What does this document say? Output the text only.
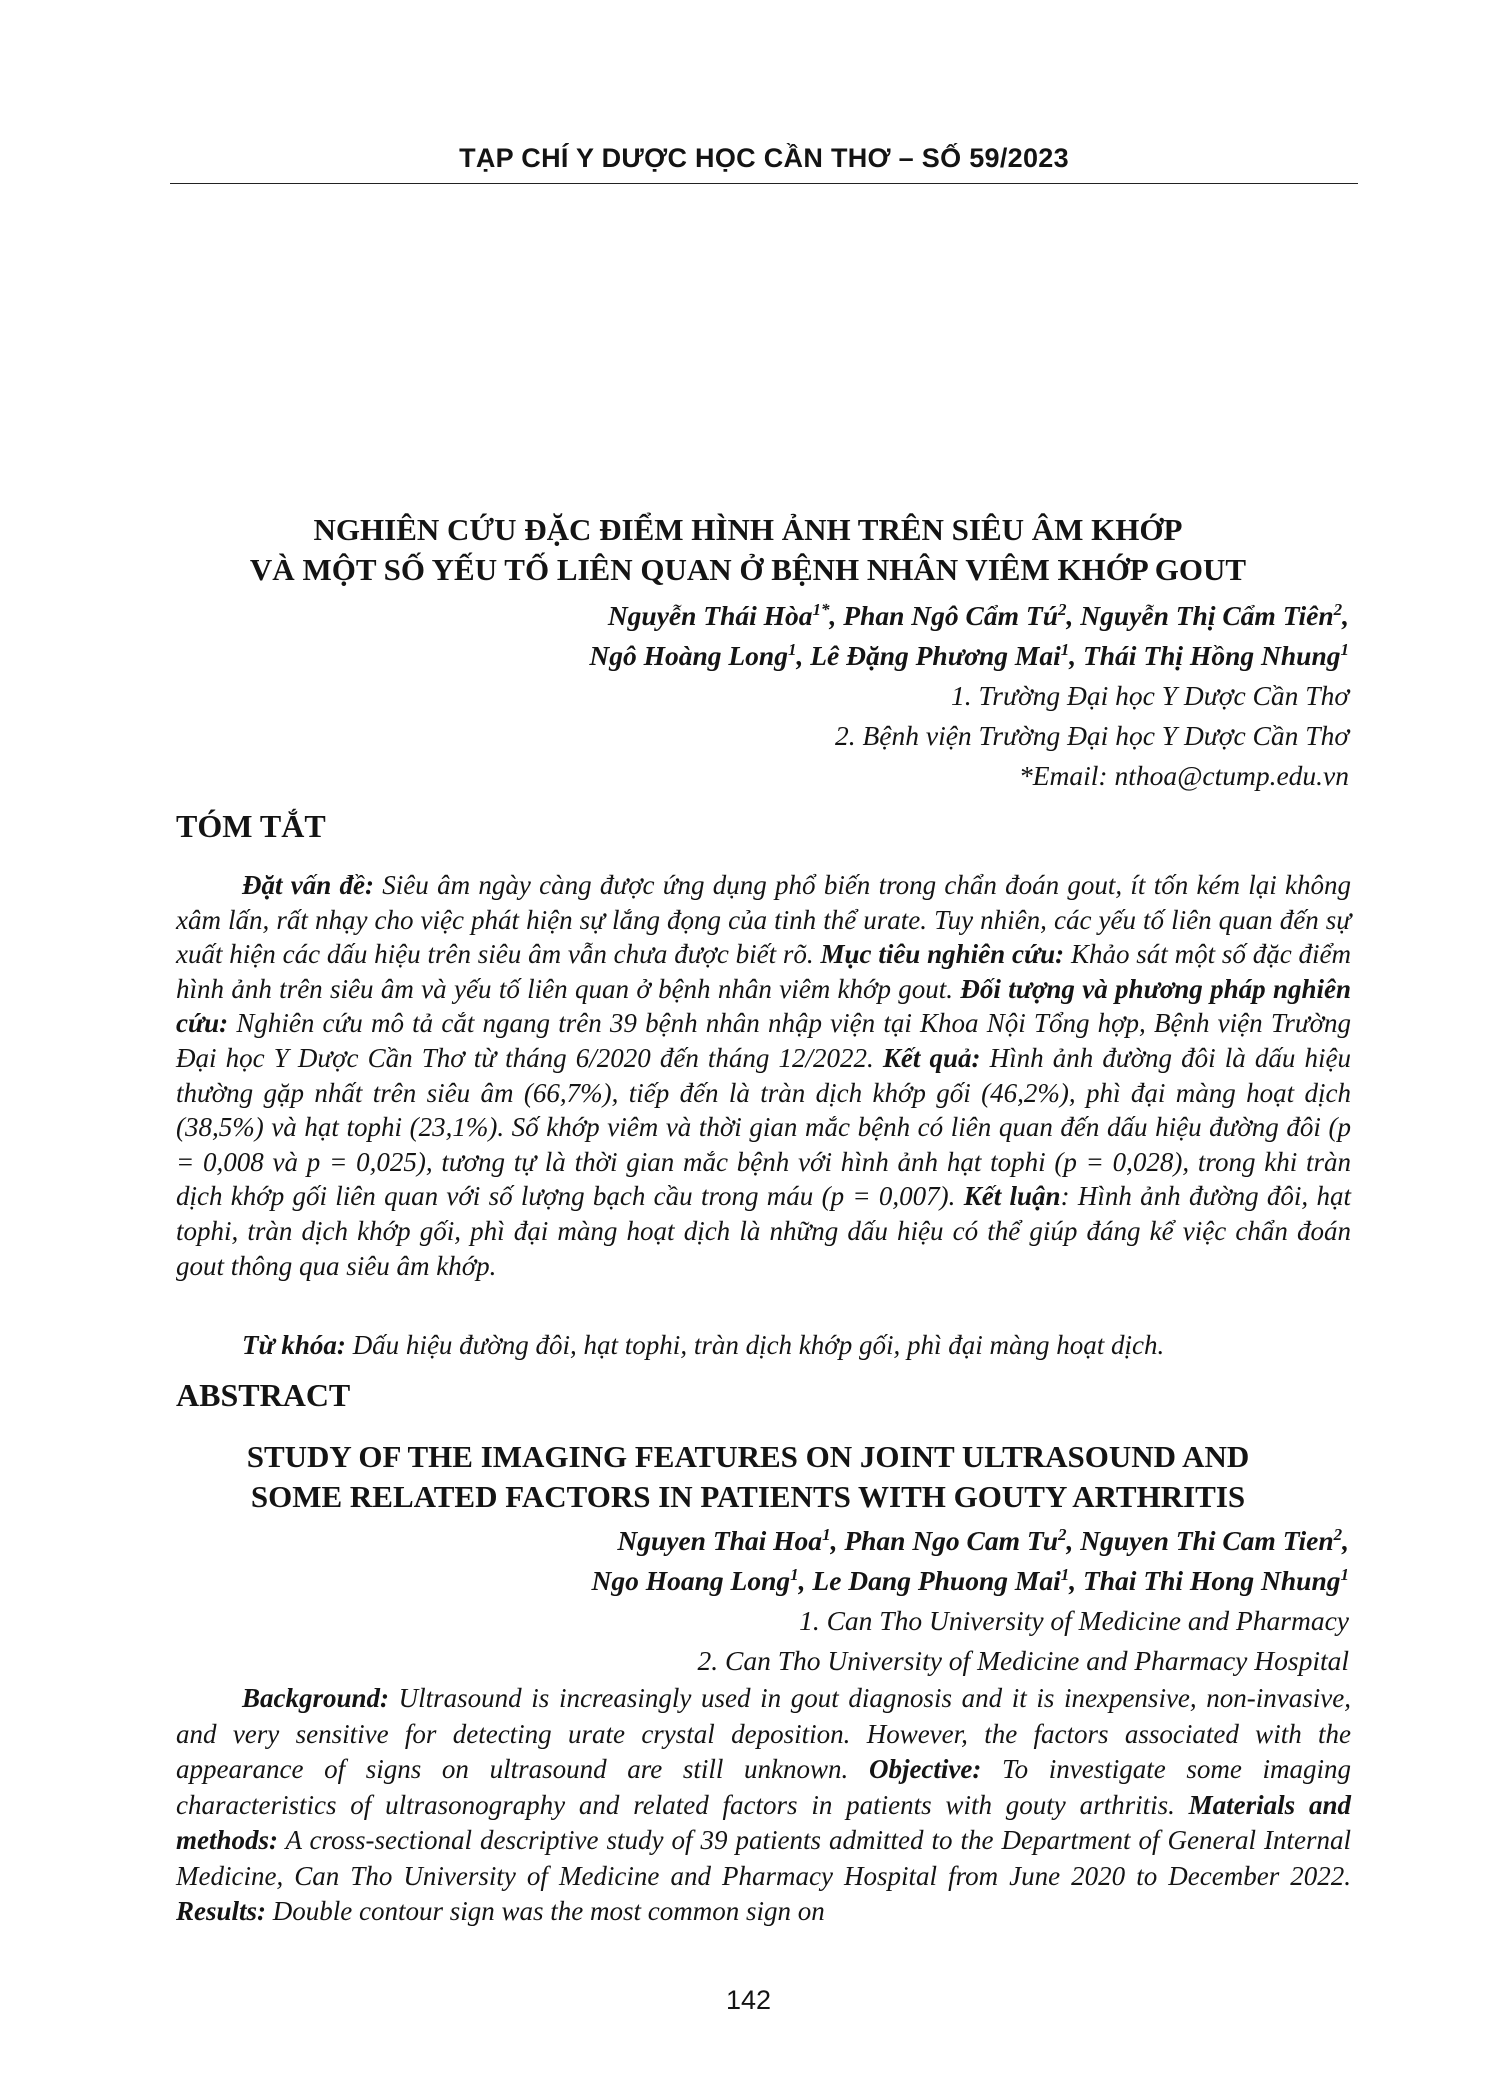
TẠP CHÍ Y DƯỢC HỌC CẦN THƠ – SỐ 59/2023
NGHIÊN CỨU ĐẶC ĐIỂM HÌNH ẢNH TRÊN SIÊU ÂM KHỚP
VÀ MỘT SỐ YẾU TỐ LIÊN QUAN Ở BỆNH NHÂN VIÊM KHỚP GOUT
Nguyễn Thái Hòa$^{1*}$, Phan Ngô Cẩm $Tú^2$, Nguyễn Thị Cẩm Tiên$^2$,
Ngô Hoàng Long$^1$, Lê Đặng Phương Mai$^1$, Thái Thị Hồng Nhung$^1$
1. Trường Đại học Y Dược Cần Thơ
2. Bệnh viện Trường Đại học Y Dược Cần Thơ
*Email: nthoa@ctump.edu.vn
TÓM TẮT
Đặt vấn đề: Siêu âm ngày càng được ứng dụng phổ biến trong chẩn đoán gout, ít tốn kém lại không xâm lấn, rất nhạy cho việc phát hiện sự lắng đọng của tinh thể urate. Tuy nhiên, các yếu tố liên quan đến sự xuất hiện các dấu hiệu trên siêu âm vẫn chưa được biết rõ. Mục tiêu nghiên cứu: Khảo sát một số đặc điểm hình ảnh trên siêu âm và yếu tố liên quan ở bệnh nhân viêm khớp gout. Đối tượng và phương pháp nghiên cứu: Nghiên cứu mô tả cắt ngang trên 39 bệnh nhân nhập viện tại Khoa Nội Tổng hợp, Bệnh viện Trường Đại học Y Dược Cần Thơ từ tháng 6/2020 đến tháng 12/2022. Kết quả: Hình ảnh đường đôi là dấu hiệu thường gặp nhất trên siêu âm (66,7%), tiếp đến là tràn dịch khớp gối (46,2%), phì đại màng hoạt dịch (38,5%) và hạt tophi (23,1%). Số khớp viêm và thời gian mắc bệnh có liên quan đến dấu hiệu đường đôi (p = 0,008 và p = 0,025), tương tự là thời gian mắc bệnh với hình ảnh hạt tophi (p = 0,028), trong khi tràn dịch khớp gối liên quan với số lượng bạch cầu trong máu (p = 0,007). Kết luận: Hình ảnh đường đôi, hạt tophi, tràn dịch khớp gối, phì đại màng hoạt dịch là những dấu hiệu có thể giúp đáng kể việc chẩn đoán gout thông qua siêu âm khớp.
Từ khóa: Dấu hiệu đường đôi, hạt tophi, tràn dịch khớp gối, phì đại màng hoạt dịch.
ABSTRACT
STUDY OF THE IMAGING FEATURES ON JOINT ULTRASOUND AND
SOME RELATED FACTORS IN PATIENTS WITH GOUTY ARTHRITIS
Nguyen Thai Hoa$^1$, Phan Ngo Cam Tu$^2$, Nguyen Thi Cam Tien$^2$,
Ngo Hoang Long$^1$, Le Dang Phuong Mai$^1$, Thai Thi Hong Nhung$^1$
1. Can Tho University of Medicine and Pharmacy
2. Can Tho University of Medicine and Pharmacy Hospital
Background: Ultrasound is increasingly used in gout diagnosis and it is inexpensive, non-invasive, and very sensitive for detecting urate crystal deposition. However, the factors associated with the appearance of signs on ultrasound are still unknown. Objective: To investigate some imaging characteristics of ultrasonography and related factors in patients with gouty arthritis. Materials and methods: A cross-sectional descriptive study of 39 patients admitted to the Department of General Internal Medicine, Can Tho University of Medicine and Pharmacy Hospital from June 2020 to December 2022. Results: Double contour sign was the most common sign on
142
